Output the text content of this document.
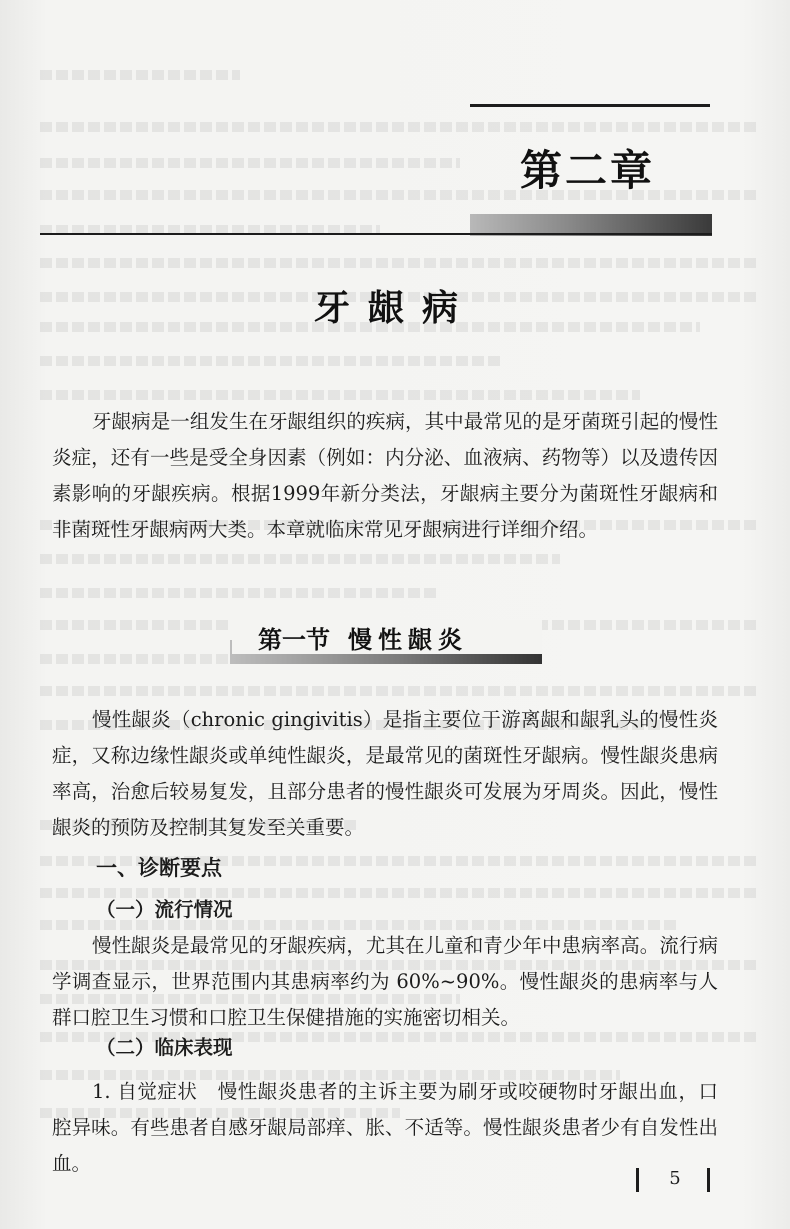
第二章
牙龈病

牙龈病是一组发生在牙龈组织的疾病，其中最常见的是牙菌斑引起的慢性炎症，还有一些是受全身因素（例如：内分泌、血液病、药物等）以及遗传因素影响的牙龈疾病。根据1999年新分类法，牙龈病主要分为菌斑性牙龈病和非菌斑性牙龈病两大类。本章就临床常见牙龈病进行详细介绍。

第一节 慢性龈炎

慢性龈炎（chronic gingivitis）是指主要位于游离龈和龈乳头的慢性炎症，又称边缘性龈炎或单纯性龈炎，是最常见的菌斑性牙龈病。慢性龈炎患病率高，治愈后较易复发，且部分患者的慢性龈炎可发展为牙周炎。因此，慢性龈炎的预防及控制其复发至关重要。

一、诊断要点
（一）流行情况

慢性龈炎是最常见的牙龈疾病，尤其在儿童和青少年中患病率高。流行病学调查显示，世界范围内其患病率约为 60%~90%。慢性龈炎的患病率与人群口腔卫生习惯和口腔卫生保健措施的实施密切相关。

（二）临床表现

1. 自觉症状 慢性龈炎患者的主诉主要为刷牙或咬硬物时牙龈出血，口腔异味。有些患者自感牙龈局部痒、胀、不适等。慢性龈炎患者少有自发性出血。

5
